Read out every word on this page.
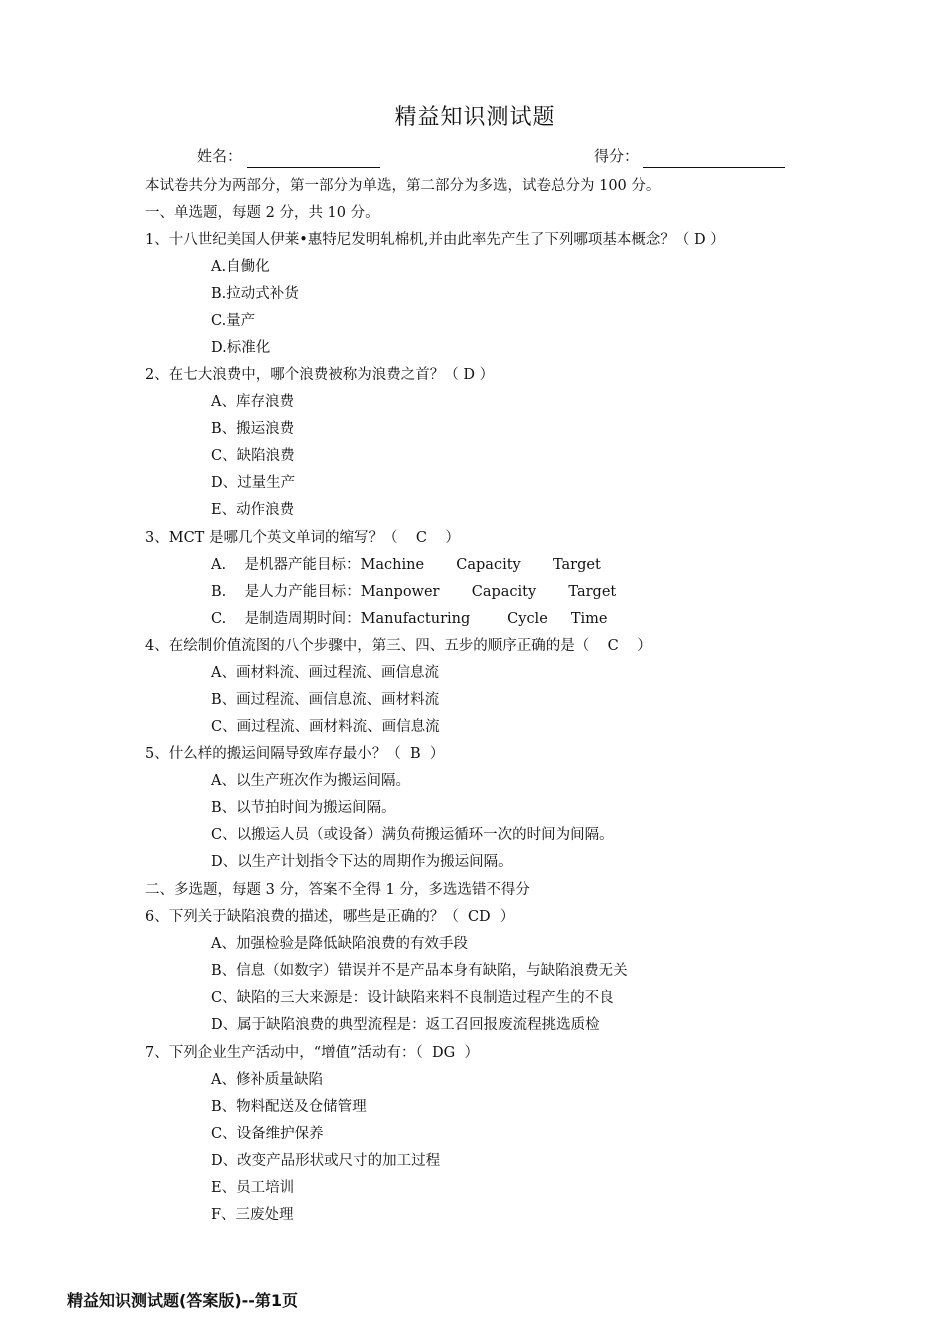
精益知识测试题
姓名：	得分：
本试卷共分为两部分，第一部分为单选，第二部分为多选，试卷总分为 100 分。
一、单选题，每题 2 分，共 10 分。
1、十八世纪美国人伊莱•惠特尼发明轧棉机,并由此率先产生了下列哪项基本概念？（ D ）
A.自働化
B.拉动式补货
C.量产
D.标准化
2、在七大浪费中，哪个浪费被称为浪费之首？（ D ）
A、库存浪费
B、搬运浪费
C、缺陷浪费
D、过量生产
E、动作浪费
3、MCT 是哪几个英文单词的缩写？（    C    ）
A.    是机器产能目标：Machine       Capacity       Target
B.    是人力产能目标：Manpower       Capacity       Target
C.    是制造周期时间：Manufacturing        Cycle     Time
4、在绘制价值流图的八个步骤中，第三、四、五步的顺序正确的是（    C    ）
A、画材料流、画过程流、画信息流
B、画过程流、画信息流、画材料流
C、画过程流、画材料流、画信息流
5、什么样的搬运间隔导致库存最小？（  B  ）
A、以生产班次作为搬运间隔。
B、以节拍时间为搬运间隔。
C、以搬运人员（或设备）满负荷搬运循环一次的时间为间隔。
D、以生产计划指令下达的周期作为搬运间隔。
二、多选题，每题 3 分，答案不全得 1 分，多选选错不得分
6、下列关于缺陷浪费的描述，哪些是正确的？（  CD  ）
A、加强检验是降低缺陷浪费的有效手段
B、信息（如数字）错误并不是产品本身有缺陷，与缺陷浪费无关
C、缺陷的三大来源是：设计缺陷来料不良制造过程产生的不良
D、属于缺陷浪费的典型流程是：返工召回报废流程挑选质检
7、下列企业生产活动中，“增值”活动有：（  DG  ）
A、修补质量缺陷
B、物料配送及仓储管理
C、设备维护保养
D、改变产品形状或尺寸的加工过程
E、员工培训
F、三废处理
精益知识测试题(答案版)--第1页
